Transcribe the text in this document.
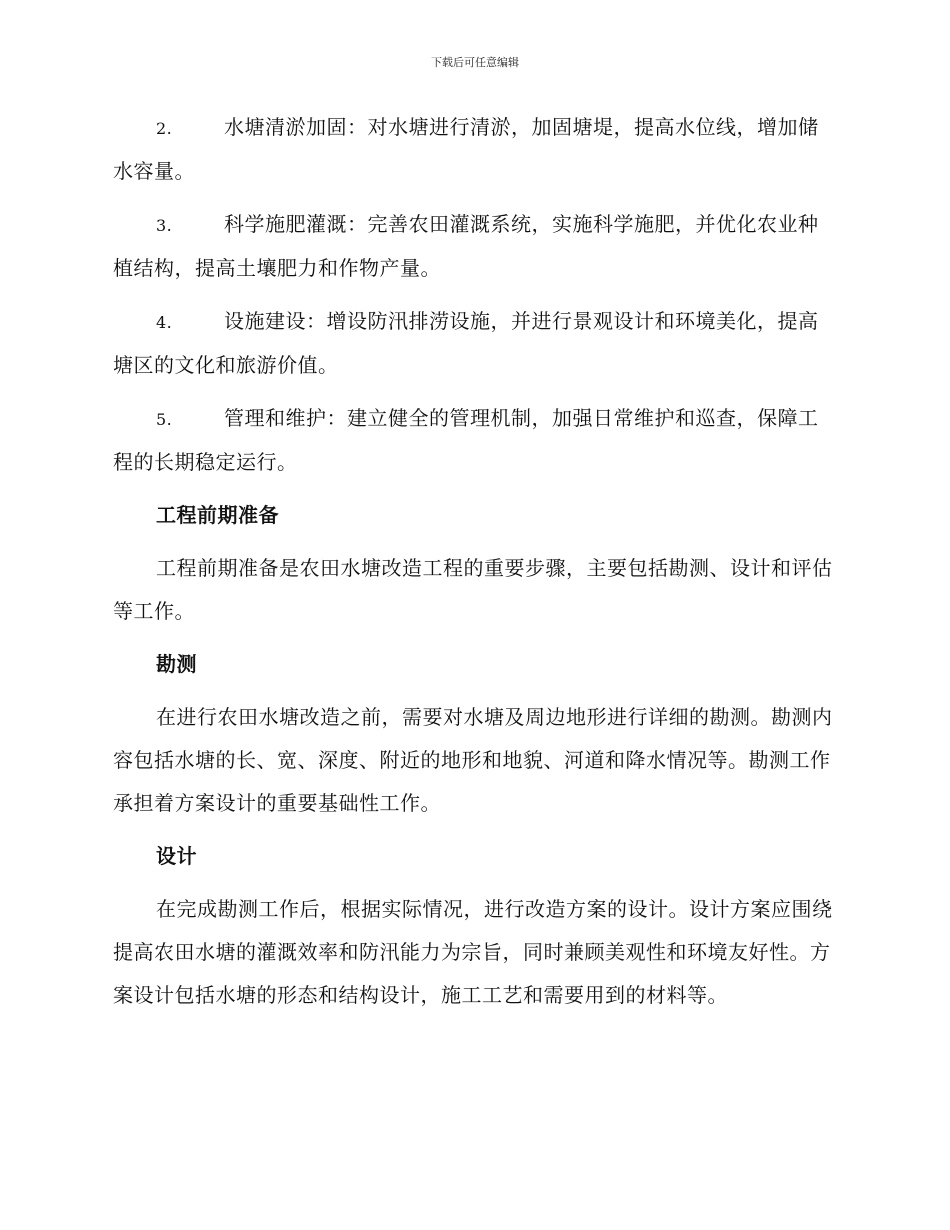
下载后可任意编辑

2.	水塘清淤加固：对水塘进行清淤，加固塘堤，提高水位线，增加储水容量。

3.	科学施肥灌溉：完善农田灌溉系统，实施科学施肥，并优化农业种植结构，提高土壤肥力和作物产量。

4.	设施建设：增设防汛排涝设施，并进行景观设计和环境美化，提高塘区的文化和旅游价值。

5.	管理和维护：建立健全的管理机制，加强日常维护和巡查，保障工程的长期稳定运行。

工程前期准备

工程前期准备是农田水塘改造工程的重要步骤，主要包括勘测、设计和评估等工作。

勘测

在进行农田水塘改造之前，需要对水塘及周边地形进行详细的勘测。勘测内容包括水塘的长、宽、深度、附近的地形和地貌、河道和降水情况等。勘测工作承担着方案设计的重要基础性工作。

设计

在完成勘测工作后，根据实际情况，进行改造方案的设计。设计方案应围绕提高农田水塘的灌溉效率和防汛能力为宗旨，同时兼顾美观性和环境友好性。方案设计包括水塘的形态和结构设计，施工工艺和需要用到的材料等。
